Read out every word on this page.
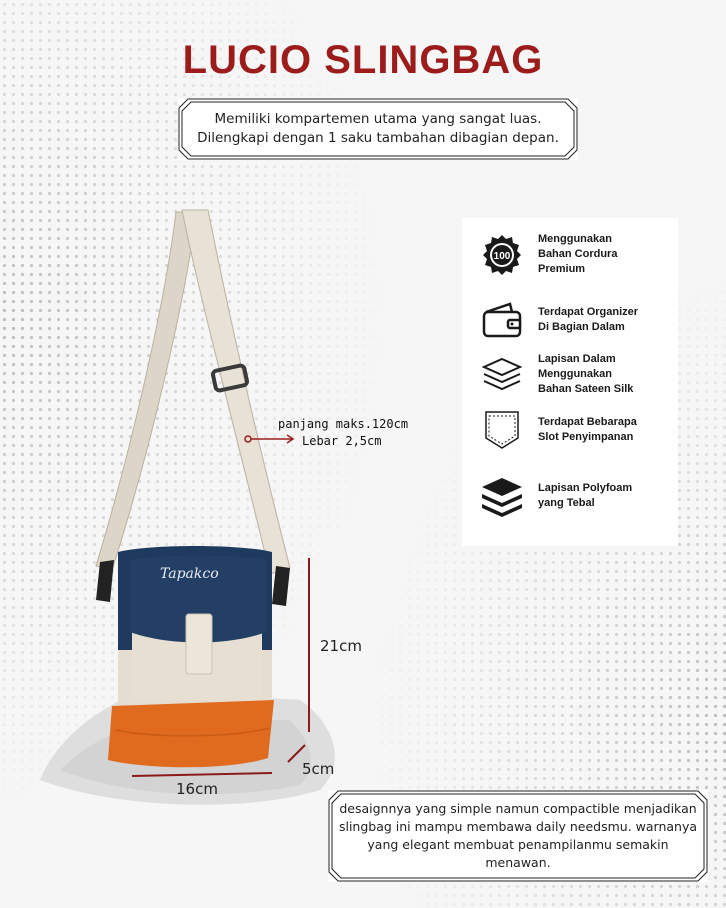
LUCIO SLINGBAG
Memiliki kompartemen utama yang sangat luas.
Dilengkapi dengan 1 saku tambahan dibagian depan.
Tapakco
panjang maks.120cm
Lebar 2,5cm
21cm
5cm
16cm
100
Menggunakan
Bahan Cordura
Premium
Terdapat Organizer
Di Bagian Dalam
Lapisan Dalam
Menggunakan
Bahan Sateen Silk
Terdapat Bebarapa
Slot Penyimpanan
Lapisan Polyfoam
yang Tebal
desaignnya yang simple namun compactible menjadikan
slingbag ini mampu membawa daily needsmu. warnanya
yang elegant membuat penampilanmu semakin
menawan.
